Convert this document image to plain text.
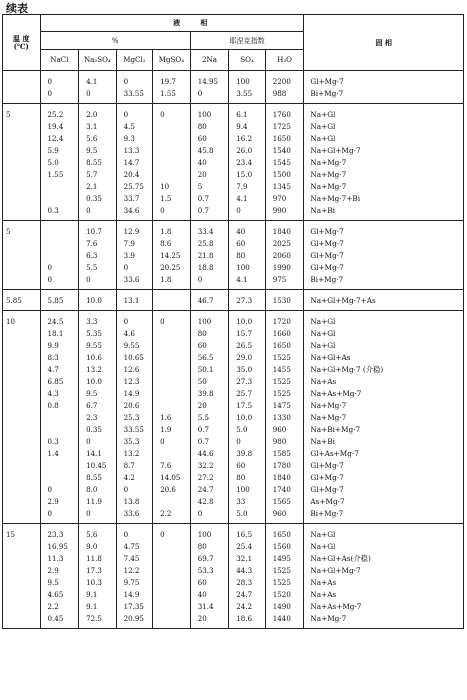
续表
温 度 (℃)	液				相			固 相
	%				耶涅克指数			
	NaCl	Na₂SO₄	MgCl₂	MgSO₄	2Na	SO₄	H₂O	
	0	4.1	0	19.7	14.95	100	2200	Gl+Mg·7
	0	0	33.55	1.55	0	3.55	988	Bi+Mg·7
5	25.2	2.0	0	0	100	6.1	1760	Na+Gl
	19.4	3.1	4.5		80	9.4	1725	Na+Gl
	12.4	5.6	9.3		60	16.2	1650	Na+Gl
	5.9	9.5	13.3		45.8	26.0	1540	Na+Gl+Mg·7
	5.0	8.55	14.7		40	23.4	1545	Na+Mg·7
	1.55	5.7	20.4		20	15.0	1500	Na+Mg·7
		2.1	25.75	10	5	7.9	1345	Na+Mg·7
		0.35	33.7	1.5	0.7	4.1	970	Na+Mg·7+Bi
	0.3	0	34.6	0	0.7	0	990	Na+Bi
5		10.7	12.9	1.8	33.4	40	1840	Gl+Mg·7
		7.6	7.9	8.6	25.8	60	2025	Gl+Mg·7
		6.3	3.9	14.25	21.8	80	2060	Gl+Mg·7
	0	5.5	0	20.25	18.8	100	1990	Gl+Mg·7
	0	0	33.6	1.8	0	4.1	975	Bi+Mg·7
5.85	5.85	10.0	13.1		46.7	27.3	1530	Na+Gl+Mg·7+As
10	24.5	3.3	0	0	100	10.0	1720	Na+Gl
	18.1	5.35	4.6		80	15.7	1660	Na+Gl
	9.9	9.55	9.55		60	26.5	1650	Na+Gl
	8.3	10.6	10.65		56.5	29.0	1525	Na+Gl+As
	4.7	13.2	12.6		50.1	35.0	1455	Na+Gl+Mg·7 (介稳)
	6.85	10.0	12.3		50	27.3	1525	Na+As
	4.3	9.5	14.9		39.8	25.7	1525	Na+As+Mg·7
	0.8	6.7	20.6		20	17.5	1475	Na+Mg·7
		2.3	25.3	1.6	5.5	10.0	1330	Na+Mg·7
		0.35	33.55	1.9	0.7	5.0	960	Na+Bi+Mg·7
	0.3	0	35.3	0	0.7	0	980	Na+Bi
	1.4	14.1	13.2		44.6	39.8	1585	Gl+As+Mg·7
		10.45	8.7	7.6	32.2	60	1780	Gl+Mg·7
		8.55	4.2	14.05	27.2	80	1840	Gl+Mg·7
	0	8.0	0	20.6	24.7	100	1740	Gl+Mg·7
	2.9	11.9	13.8		42.8	33	1565	As+Mg·7
	0	0	33.6	2.2	0	5.0	960	Bi+Mg·7
15	23.3	5.6	0	0	100	16.5	1650	Na+Gl
	16.95	9.0	4.75		80	25.4	1560	Na+Gl
	11.3	11.8	7.45		69.7	32.1	1495	Na+Gl+As(介稳)
	2.9	17.3	12.2		53.3	44.3	1525	Na+Gl+Mg·7
	9.5	10.3	9.75		60	28.3	1525	Na+As
	4.65	9.1	14.9		40	24.7	1520	Na+As
	2.2	9.1	17.35		31.4	24.2	1490	Na+As+Mg·7
	0.45	72.5	20.95		20	18.6	1440	Na+Mg·7
